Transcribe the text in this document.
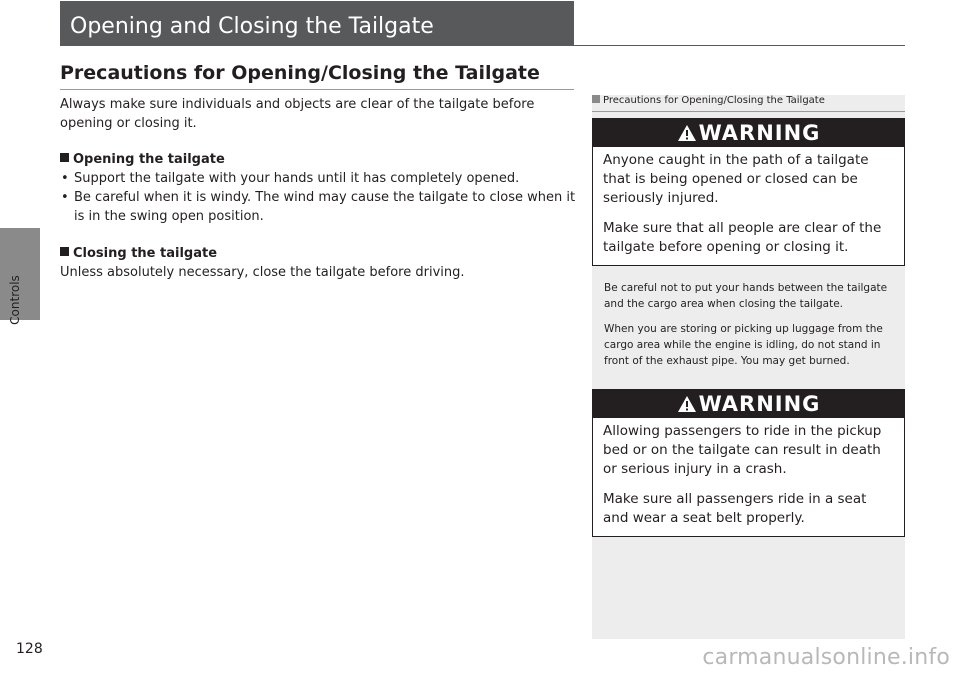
Controls
Opening and Closing the Tailgate
Precautions for Opening/Closing the Tailgate

Always make sure individuals and objects are clear of the tailgate before opening or closing it.

Opening the tailgate

• Support the tailgate with your hands until it has completely opened.
• Be careful when it is windy. The wind may cause the tailgate to close when it is in the swing open position.

Closing the tailgate

Unless absolutely necessary, close the tailgate before driving.

Precautions for Opening/Closing the Tailgate
WARNING

Anyone caught in the path of a tailgate that is being opened or closed can be seriously injured.

Make sure that all people are clear of the tailgate before opening or closing it.

Be careful not to put your hands between the tailgate and the cargo area when closing the tailgate.

When you are storing or picking up luggage from the cargo area while the engine is idling, do not stand in front of the exhaust pipe. You may get burned.

WARNING

Allowing passengers to ride in the pickup bed or on the tailgate can result in death or serious injury in a crash.

Make sure all passengers ride in a seat and wear a seat belt properly.

128	carmanualsonline.info
